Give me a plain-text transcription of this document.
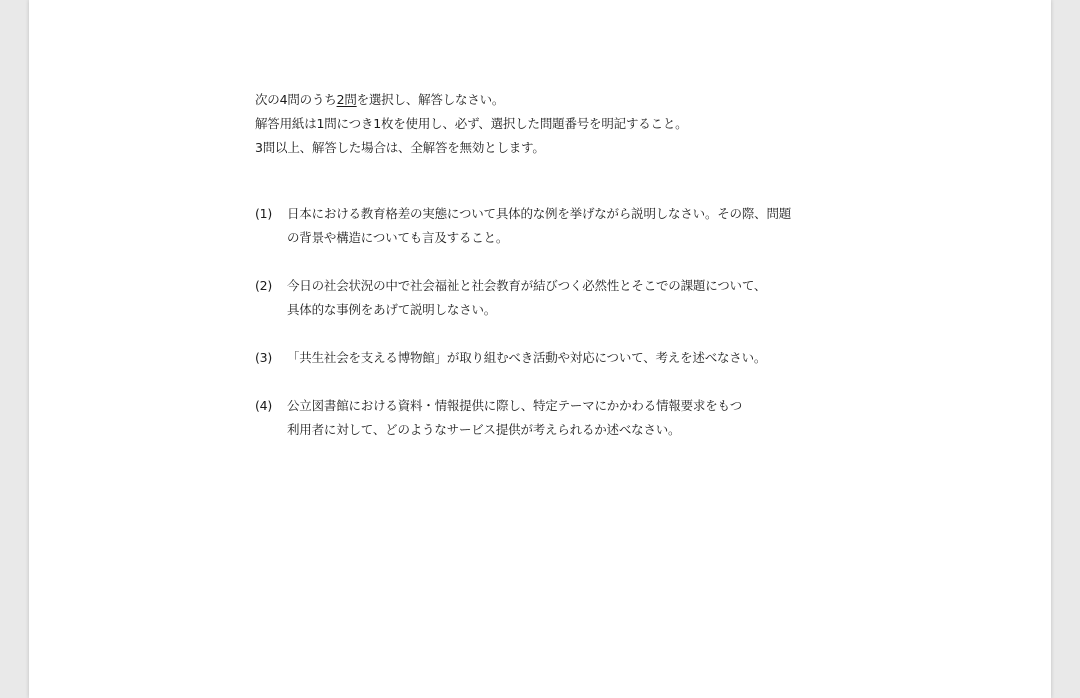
次の4問のうち2問を選択し、解答しなさい。
解答用紙は1問につき1枚を使用し、必ず、選択した問題番号を明記すること。
3問以上、解答した場合は、全解答を無効とします。
(1)	日本における教育格差の実態について具体的な例を挙げながら説明しなさい。その際、問題
の背景や構造についても言及すること。
(2)	今日の社会状況の中で社会福祉と社会教育が結びつく必然性とそこでの課題について、
具体的な事例をあげて説明しなさい。
(3)	「共生社会を支える博物館」が取り組むべき活動や対応について、考えを述べなさい。
(4)	公立図書館における資料・情報提供に際し、特定テーマにかかわる情報要求をもつ
利用者に対して、どのようなサービス提供が考えられるか述べなさい。
